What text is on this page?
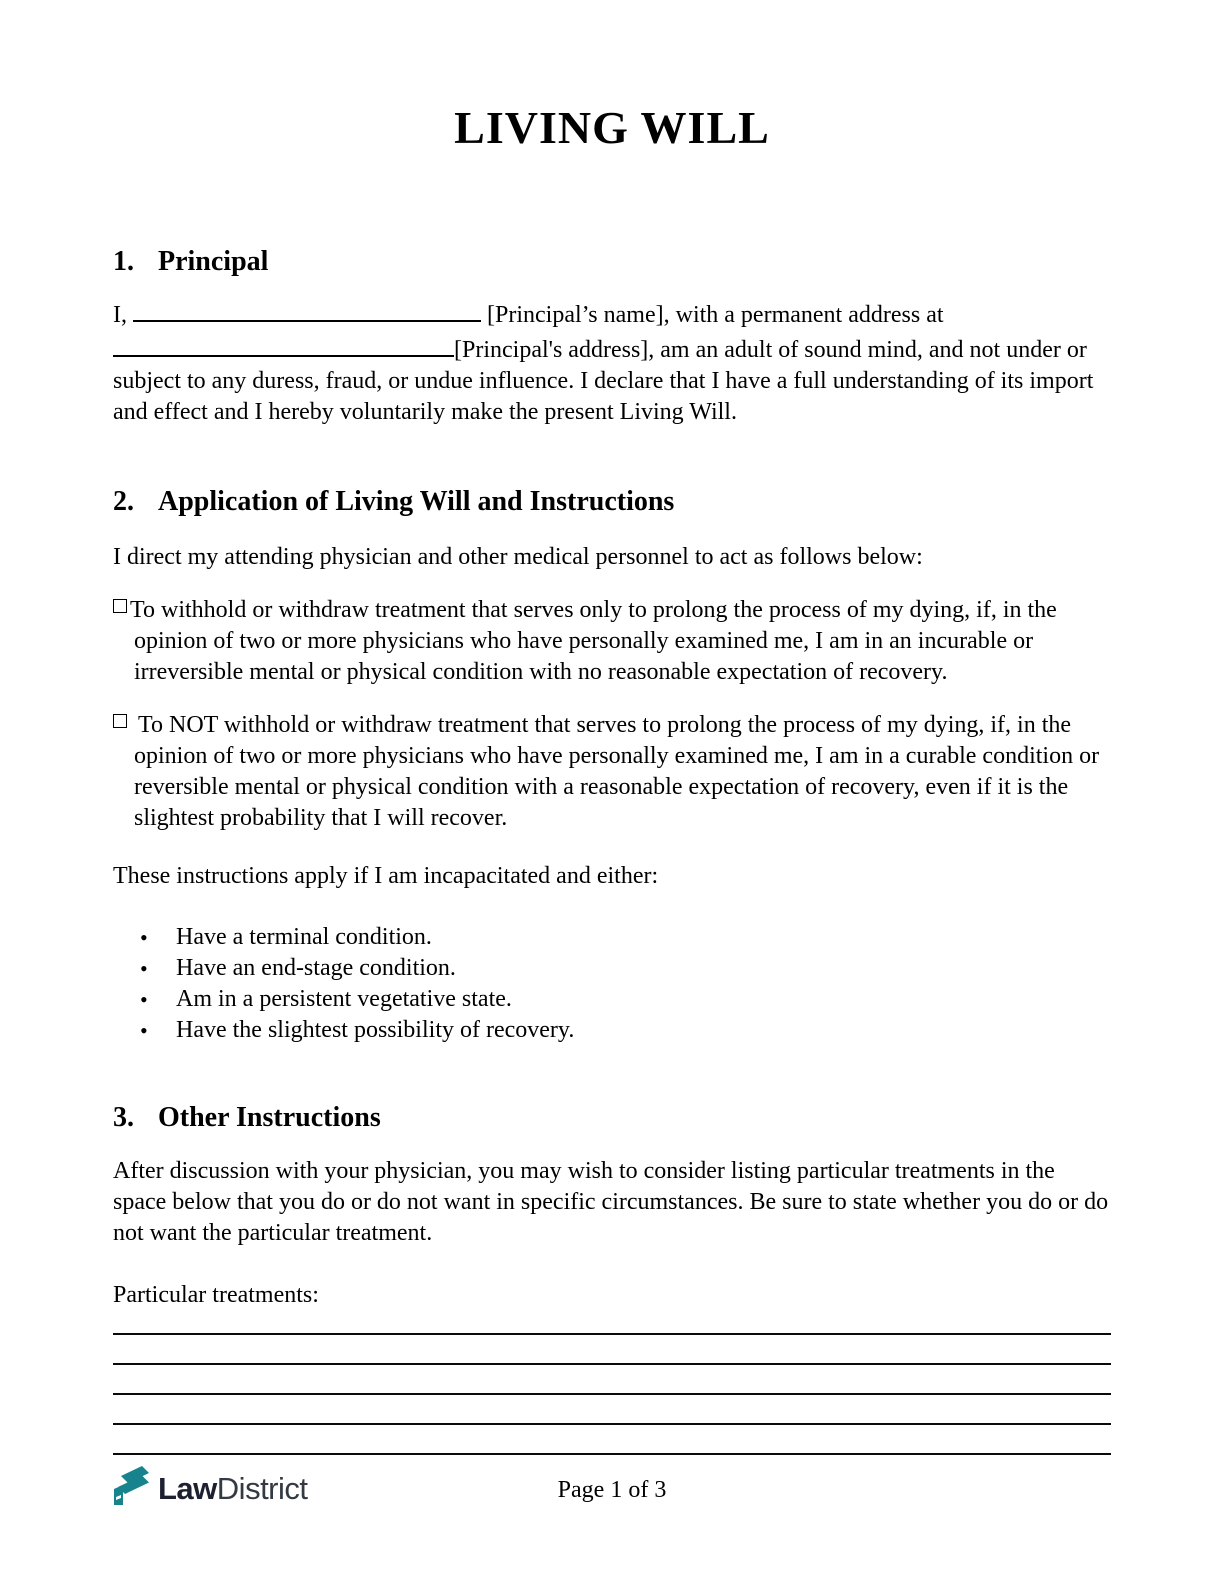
LIVING WILL
1. Principal
I,	[Principal’s name], with a permanent address at [Principal's address], am an adult of sound mind, and not under or subject to any duress, fraud, or undue influence. I declare that I have a full understanding of its import and effect and I hereby voluntarily make the present Living Will.
2. Application of Living Will and Instructions
I direct my attending physician and other medical personnel to act as follows below:
To withhold or withdraw treatment that serves only to prolong the process of my dying, if, in the opinion of two or more physicians who have personally examined me, I am in an incurable or irreversible mental or physical condition with no reasonable expectation of recovery.
To NOT withhold or withdraw treatment that serves to prolong the process of my dying, if, in the opinion of two or more physicians who have personally examined me, I am in a curable condition or reversible mental or physical condition with a reasonable expectation of recovery, even if it is the slightest probability that I will recover.
These instructions apply if I am incapacitated and either:
•	Have a terminal condition.
•	Have an end-stage condition.
•	Am in a persistent vegetative state.
•	Have the slightest possibility of recovery.
3. Other Instructions
After discussion with your physician, you may wish to consider listing particular treatments in the space below that you do or do not want in specific circumstances. Be sure to state whether you do or do not want the particular treatment.
Particular treatments:
Law District	Page 1 of 3
